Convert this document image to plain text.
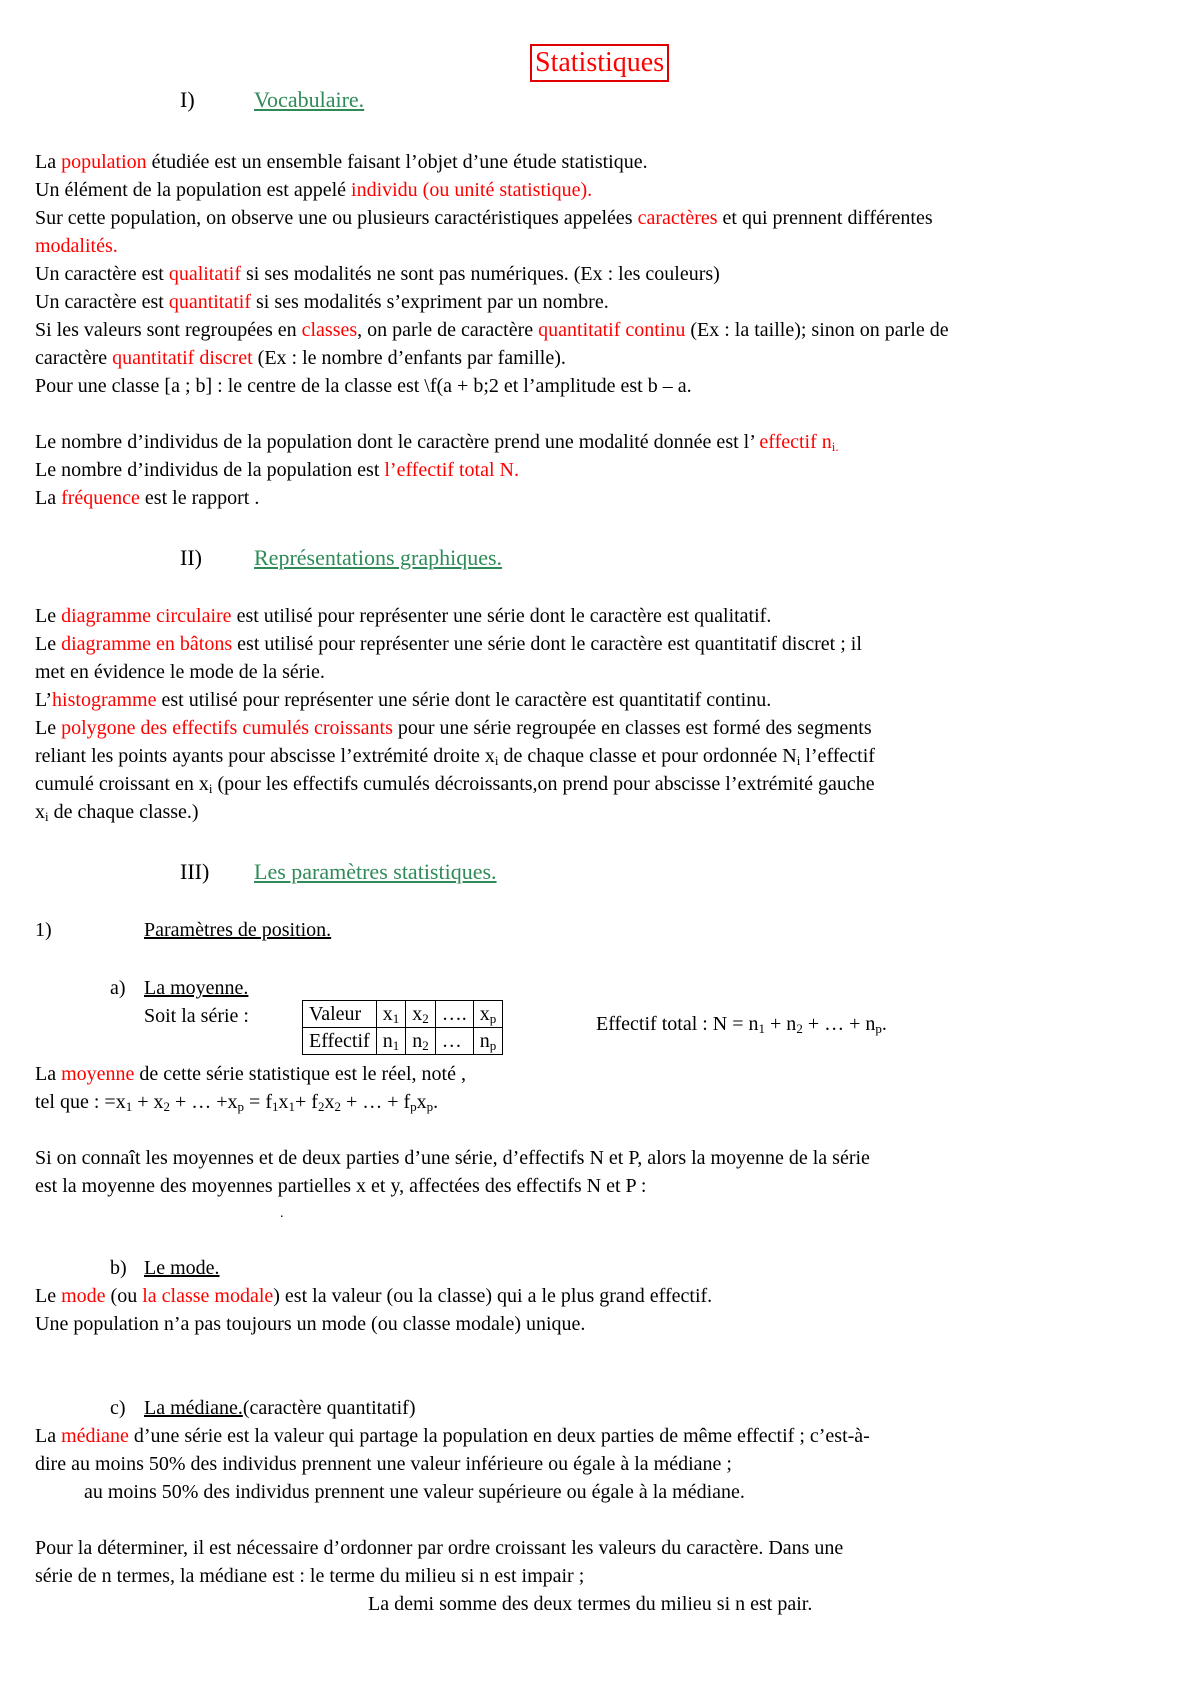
Statistiques
I)	Vocabulaire.
La population étudiée est un ensemble faisant l’objet d’une étude statistique.
Un élément de la population est appelé individu (ou unité statistique).
Sur cette population, on observe une ou plusieurs caractéristiques appelées caractères et qui prennent différentes
modalités.
Un caractère est qualitatif si ses modalités ne sont pas numériques. (Ex : les couleurs)
Un caractère est quantitatif si ses modalités s’expriment par un nombre.
Si les valeurs sont regroupées en classes, on parle de caractère quantitatif continu (Ex : la taille); sinon on parle de
caractère quantitatif discret (Ex : le nombre d’enfants par famille).
Pour une classe [a ; b] : le centre de la classe est \f(a + b;2 et l’amplitude est b – a.
Le nombre d’individus de la population dont le caractère prend une modalité donnée est l’ effectif $n_{i.}$
Le nombre d’individus de la population est l’effectif total N.
La fréquence est le rapport .
II) Représentations graphiques.
Le diagramme circulaire est utilisé pour représenter une série dont le caractère est qualitatif.
Le diagramme en bâtons est utilisé pour représenter une série dont le caractère est quantitatif discret ; il
met en évidence le mode de la série.
L’histogramme est utilisé pour représenter une série dont le caractère est quantitatif continu.
Le polygone des effectifs cumulés croissants pour une série regroupée en classes est formé des segments
reliant les points ayants pour abscisse l’extrémité droite $x_i$ de chaque classe et pour ordonnée $N_i$ l’effectif
cumulé croissant en $x_i$ (pour les effectifs cumulés décroissants,on prend pour abscisse l’extrémité gauche
$x_i$ de chaque classe.)
III) Les paramètres statistiques.
1)	Paramètres de position.
a) La moyenne.
Soit la série :	Valeur	$x_1$	$x_2$	….	$x_p$
Effectif	$n_1$	$n_2$	…	$n_p$
Effectif total : $N = n_1 + n_2$ + … + $n_p$.
La moyenne de cette série statistique est le réel, noté ,
tel que : $=x_1 + x_2$ + … $+x_p = f_1x_1+ f_2x_2$ + … + $f_px_p$.
Si on connaît les moyennes et de deux parties d’une série, d’effectifs N et P, alors la moyenne de la série
est la moyenne des moyennes partielles x et y, affectées des effectifs N et P :
.
b) Le mode.
Le mode (ou la classe modale) est la valeur (ou la classe) qui a le plus grand effectif.
Une population n’a pas toujours un mode (ou classe modale) unique.
c) La médiane.(caractère quantitatif)
La médiane d’une série est la valeur qui partage la population en deux parties de même effectif ; c’est-à-
dire au moins 50% des individus prennent une valeur inférieure ou égale à la médiane ;
au moins 50% des individus prennent une valeur supérieure ou égale à la médiane.
Pour la déterminer, il est nécessaire d’ordonner par ordre croissant les valeurs du caractère. Dans une
série de n termes, la médiane est : le terme du milieu si n est impair ;
La demi somme des deux termes du milieu si n est pair.
